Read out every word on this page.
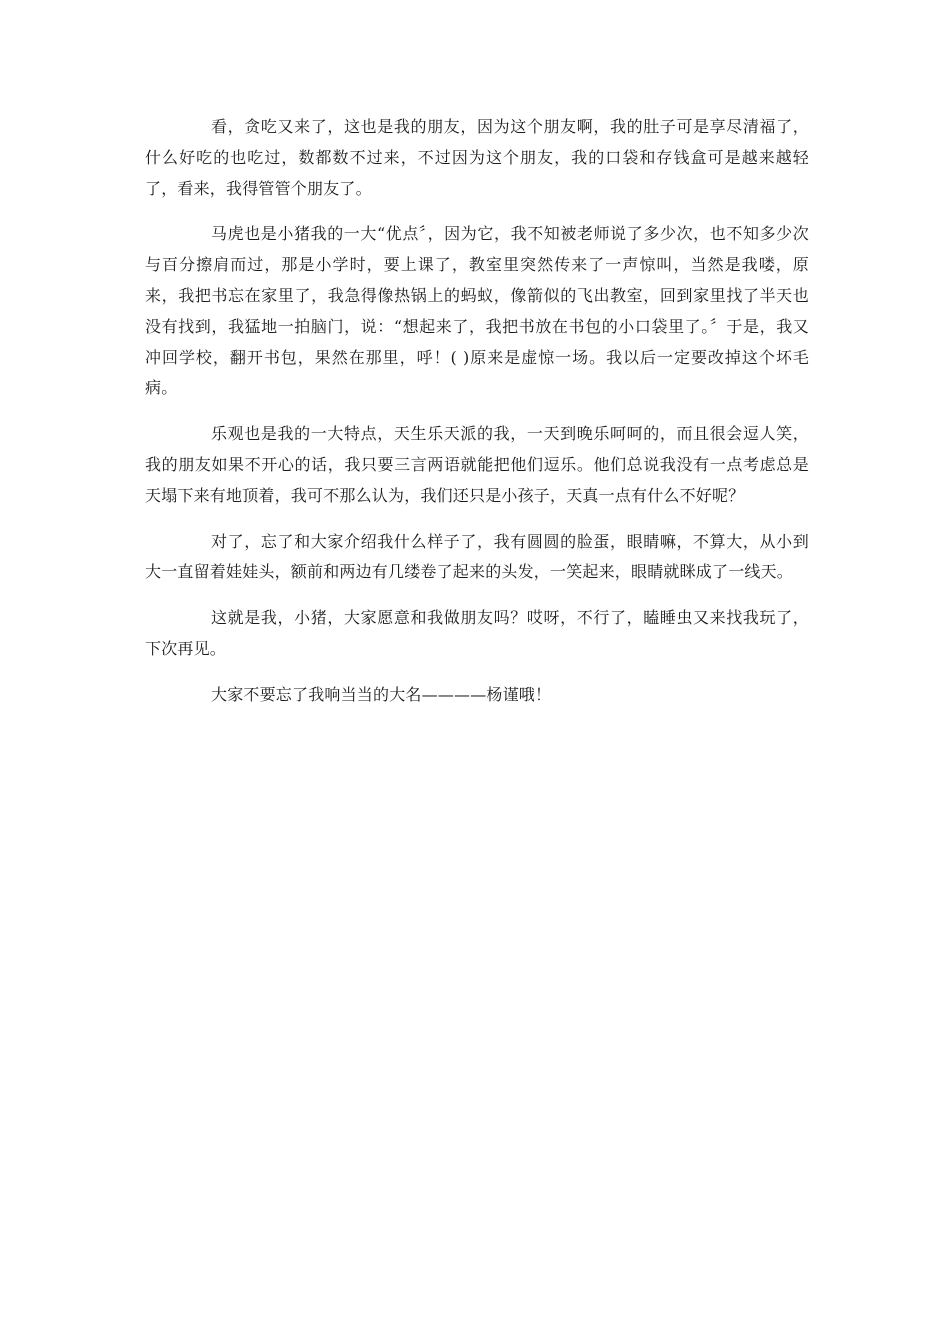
看，贪吃又来了，这也是我的朋友，因为这个朋友啊，我的肚子可是享尽清福了，什么好吃的也吃过，数都数不过来，不过因为这个朋友，我的口袋和存钱盒可是越来越轻了，看来，我得管管个朋友了。

马虎也是小猪我的一大“优点〞，因为它，我不知被老师说了多少次，也不知多少次与百分擦肩而过，那是小学时，要上课了，教室里突然传来了一声惊叫，当然是我喽，原来，我把书忘在家里了，我急得像热锅上的蚂蚁，像箭似的飞出教室，回到家里找了半天也没有找到，我猛地一拍脑门，说：“想起来了，我把书放在书包的小口袋里了。〞于是，我又冲回学校，翻开书包，果然在那里，呼！( )原来是虚惊一场。我以后一定要改掉这个坏毛病。

乐观也是我的一大特点，天生乐天派的我，一天到晚乐呵呵的，而且很会逗人笑，我的朋友如果不开心的话，我只要三言两语就能把他们逗乐。他们总说我没有一点考虑总是天塌下来有地顶着，我可不那么认为，我们还只是小孩子，天真一点有什么不好呢？

对了，忘了和大家介绍我什么样子了，我有圆圆的脸蛋，眼睛嘛，不算大，从小到大一直留着娃娃头，额前和两边有几缕卷了起来的头发，一笑起来，眼睛就眯成了一线天。

这就是我，小猪，大家愿意和我做朋友吗？哎呀，不行了，瞌睡虫又来找我玩了，下次再见。

大家不要忘了我响当当的大名————杨谨哦！
